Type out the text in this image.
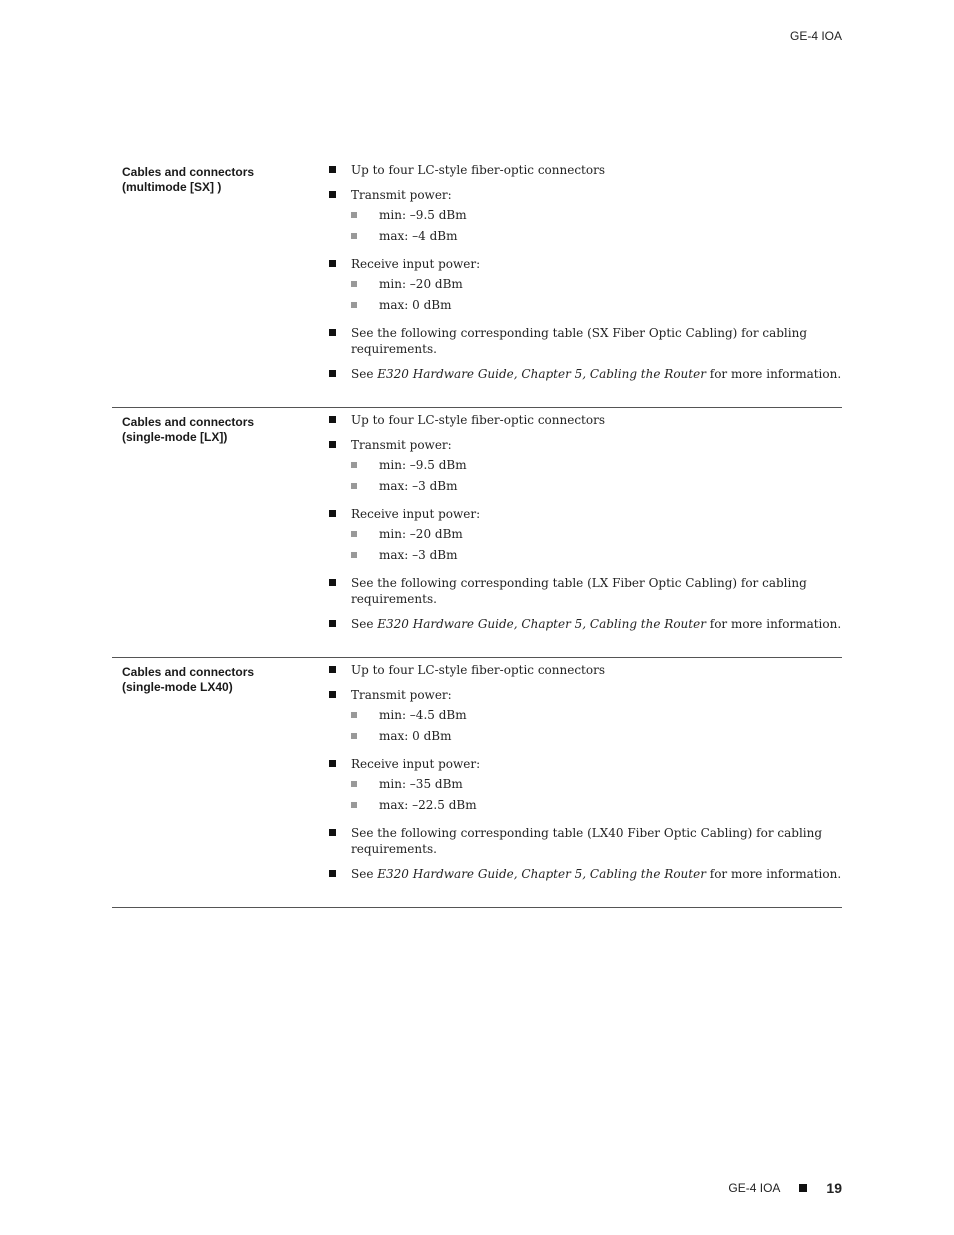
GE-4 IOA
Cables and connectors
(multimode [SX] )
Up to four LC-style fiber-optic connectors
Transmit power:
min: –9.5 dBm
max: –4 dBm
Receive input power:
min: –20 dBm
max: 0 dBm
See the following corresponding table (SX Fiber Optic Cabling) for cabling requirements.
See E320 Hardware Guide, Chapter 5, Cabling the Router for more information.
Cables and connectors
(single-mode [LX])
Up to four LC-style fiber-optic connectors
Transmit power:
min: –9.5 dBm
max: –3 dBm
Receive input power:
min: –20 dBm
max: –3 dBm
See the following corresponding table (LX Fiber Optic Cabling) for cabling requirements.
See E320 Hardware Guide, Chapter 5, Cabling the Router for more information.
Cables and connectors
(single-mode LX40)
Up to four LC-style fiber-optic connectors
Transmit power:
min: –4.5 dBm
max: 0 dBm
Receive input power:
min: –35 dBm
max: –22.5 dBm
See the following corresponding table (LX40 Fiber Optic Cabling) for cabling requirements.
See E320 Hardware Guide, Chapter 5, Cabling the Router for more information.
GE-4 IOA	19
